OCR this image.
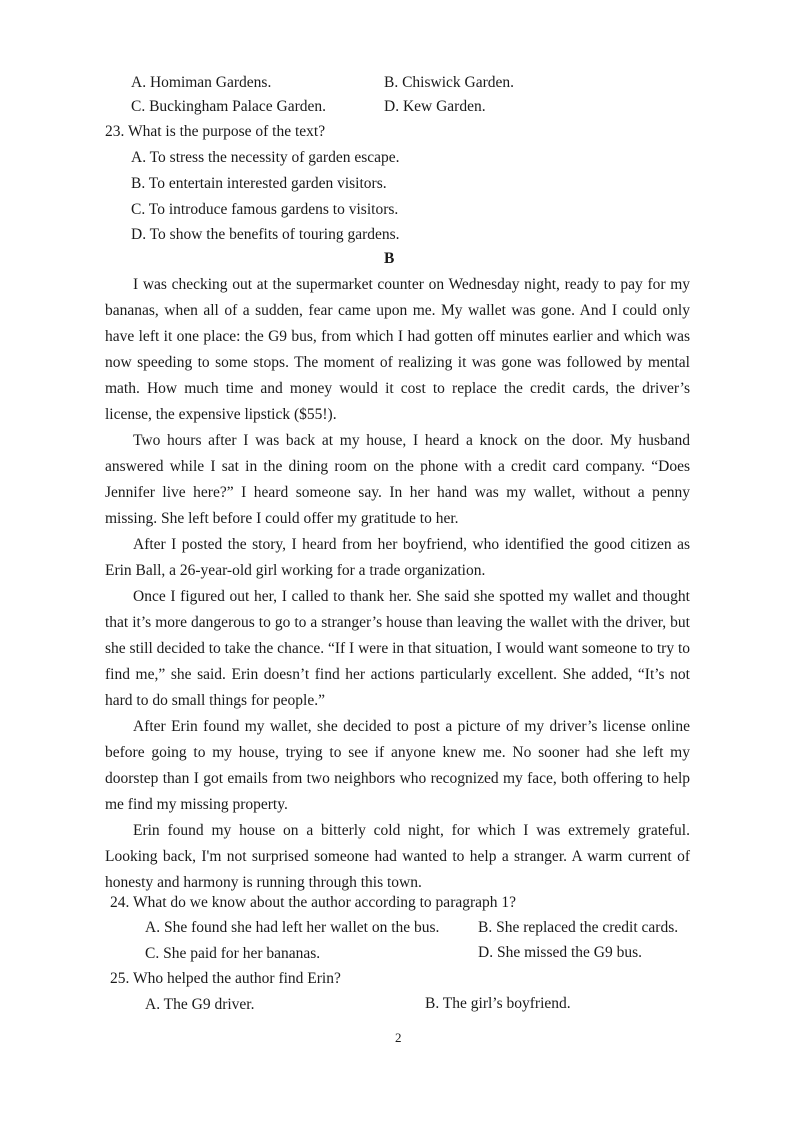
A. Homiman Gardens.	B. Chiswick Garden.
C. Buckingham Palace Garden.	D. Kew Garden.
23. What is the purpose of the text?
A. To stress the necessity of garden escape.
B. To entertain interested garden visitors.
C. To introduce famous gardens to visitors.
D. To show the benefits of touring gardens.
B

I was checking out at the supermarket counter on Wednesday night, ready to pay for my bananas, when all of a sudden, fear came upon me. My wallet was gone. And I could only have left it one place: the G9 bus, from which I had gotten off minutes earlier and which was now speeding to some stops. The moment of realizing it was gone was followed by mental math. How much time and money would it cost to replace the credit cards, the driver’s license, the expensive lipstick ($55!).

Two hours after I was back at my house, I heard a knock on the door. My husband answered while I sat in the dining room on the phone with a credit card company. “Does Jennifer live here?” I heard someone say. In her hand was my wallet, without a penny missing. She left before I could offer my gratitude to her.

After I posted the story, I heard from her boyfriend, who identified the good citizen as Erin Ball, a 26-year-old girl working for a trade organization.

Once I figured out her, I called to thank her. She said she spotted my wallet and thought that it’s more dangerous to go to a stranger’s house than leaving the wallet with the driver, but she still decided to take the chance. “If I were in that situation, I would want someone to try to find me,” she said. Erin doesn’t find her actions particularly excellent. She added, “It’s not hard to do small things for people.”

After Erin found my wallet, she decided to post a picture of my driver’s license online before going to my house, trying to see if anyone knew me. No sooner had she left my doorstep than I got emails from two neighbors who recognized my face, both offering to help me find my missing property.

Erin found my house on a bitterly cold night, for which I was extremely grateful. Looking back, I'm not surprised someone had wanted to help a stranger. A warm current of honesty and harmony is running through this town.

24. What do we know about the author according to paragraph 1?
A. She found she had left her wallet on the bus. B. She replaced the credit cards.
C. She paid for her bananas.	D. She missed the G9 bus.
25. Who helped the author find Erin?
A. The G9 driver.	B. The girl’s boyfriend.
2
